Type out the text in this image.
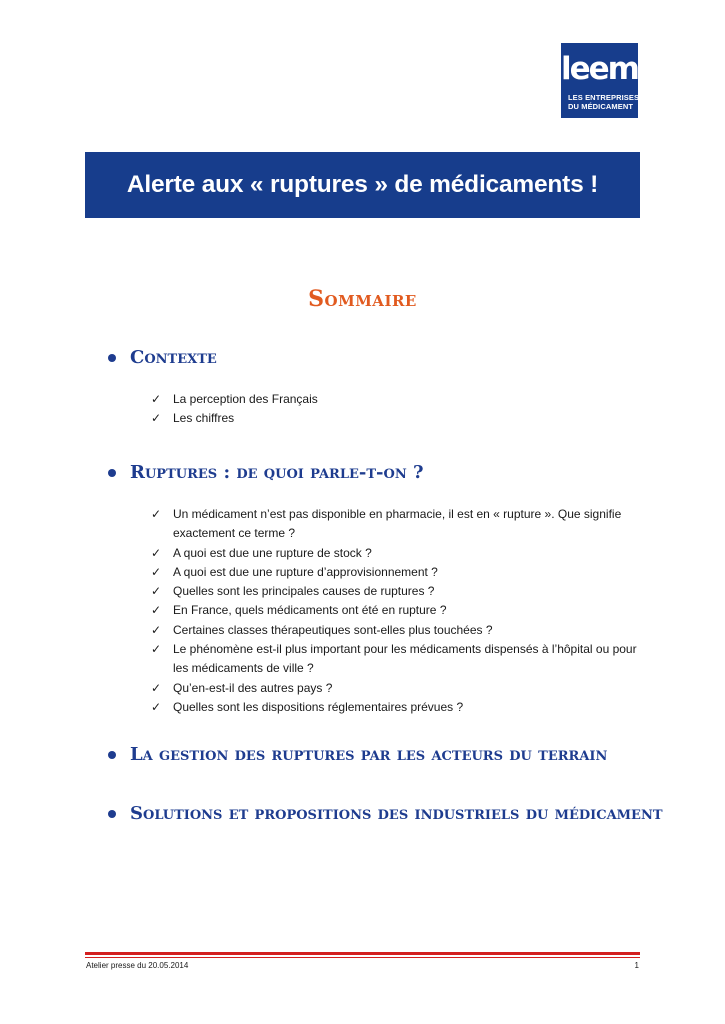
leem
LES ENTREPRISES
DU MÉDICAMENT
Alerte aux « ruptures » de médicaments !
Sommaire
Contexte
✓ La perception des Français
✓ Les chiffres
Ruptures : de quoi parle-t-on ?
✓ Un médicament n’est pas disponible en pharmacie, il est en « rupture ». Que signifie exactement ce terme ?
✓ A quoi est due une rupture de stock ?
✓ A quoi est due une rupture d’approvisionnement ?
✓ Quelles sont les principales causes de ruptures ?
✓ En France, quels médicaments ont été en rupture ?
✓ Certaines classes thérapeutiques sont-elles plus touchées ?
✓ Le phénomène est-il plus important pour les médicaments dispensés à l’hôpital ou pour les médicaments de ville ?
✓ Qu’en-est-il des autres pays ?
✓ Quelles sont les dispositions réglementaires prévues ?
La gestion des ruptures par les acteurs du terrain
Solutions et propositions des industriels du médicament
Atelier presse du 20.05.2014	1
